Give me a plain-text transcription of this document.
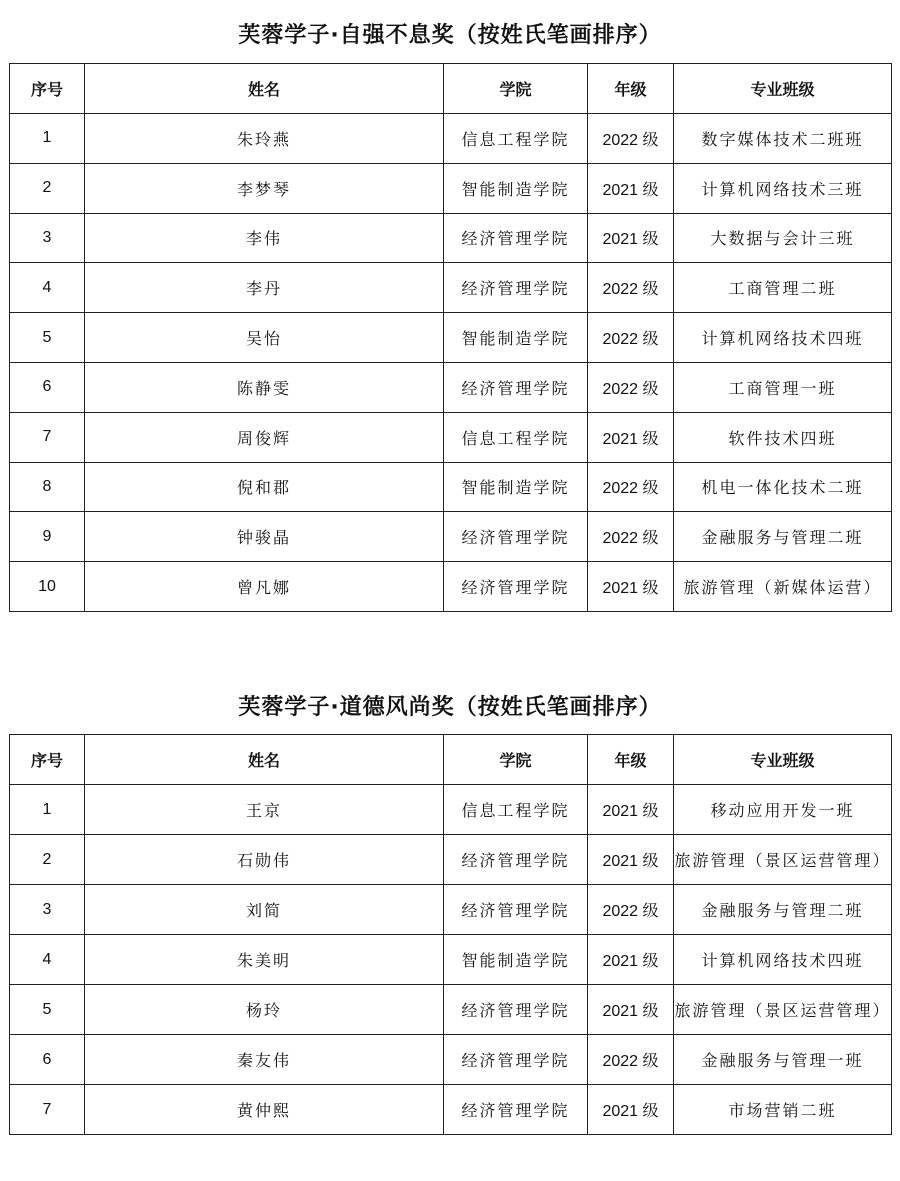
芙蓉学子·自强不息奖（按姓氏笔画排序）
序号	姓名	学院	年级	专业班级
1	朱玲燕	信息工程学院	2022 级	数字媒体技术二班班
2	李梦琴	智能制造学院	2021 级	计算机网络技术三班
3	李伟	经济管理学院	2021 级	大数据与会计三班
4	李丹	经济管理学院	2022 级	工商管理二班
5	吴怡	智能制造学院	2022 级	计算机网络技术四班
6	陈静雯	经济管理学院	2022 级	工商管理一班
7	周俊辉	信息工程学院	2021 级	软件技术四班
8	倪和郡	智能制造学院	2022 级	机电一体化技术二班
9	钟骏晶	经济管理学院	2022 级	金融服务与管理二班
10	曾凡娜	经济管理学院	2021 级	旅游管理（新媒体运营）
芙蓉学子·道德风尚奖（按姓氏笔画排序）
序号	姓名	学院	年级	专业班级
1	王京	信息工程学院	2021 级	移动应用开发一班
2	石勋伟	经济管理学院	2021 级	旅游管理（景区运营管理）
3	刘简	经济管理学院	2022 级	金融服务与管理二班
4	朱美明	智能制造学院	2021 级	计算机网络技术四班
5	杨玲	经济管理学院	2021 级	旅游管理（景区运营管理）
6	秦友伟	经济管理学院	2022 级	金融服务与管理一班
7	黄仲熙	经济管理学院	2021 级	市场营销二班
